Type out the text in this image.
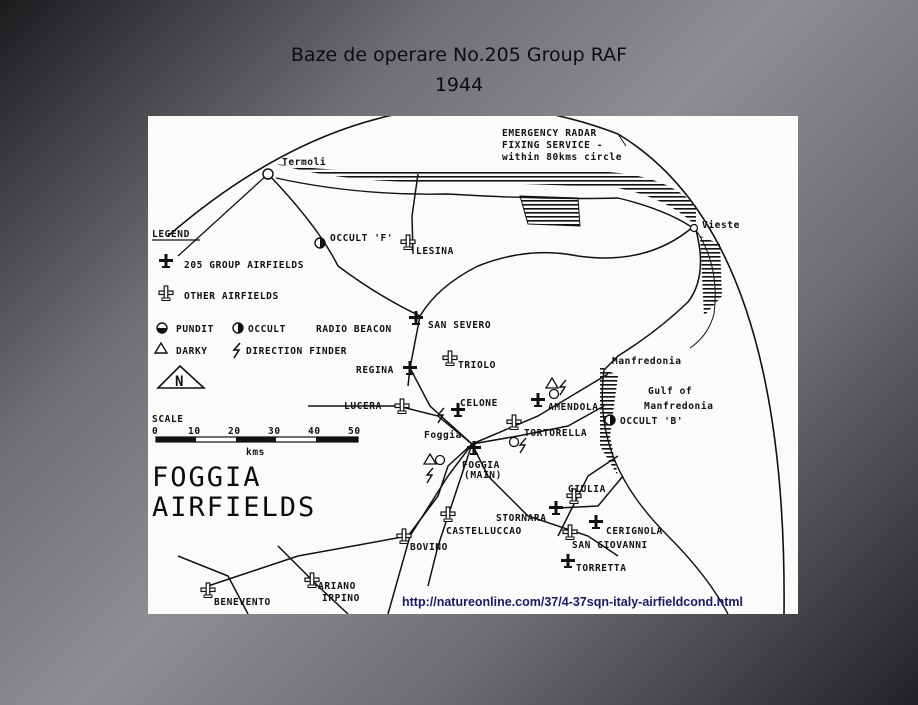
Baze de operare No.205 Group RAF
1944
EMERGENCY RADAR
FIXING SERVICE -
within 80kms circle
LEGEND
205 GROUP AIRFIELDS
OTHER AIRFIELDS
PUNDIT	OCCULT	RADIO BEACON
DARKY	DIRECTION FINDER
N
SCALE
0	10	20	30	40	50
kms
FOGGIA
AIRFIELDS
Termoli
OCCULT 'F'
LESINA
Vieste
SAN SEVERO
REGINA	TRIOLO	Manfredonia
Gulf of
Manfredonia
LUCERA	CELONE	AMENDOLA
OCCULT 'B'
Foggia
FOGGIA
(MAIN)
TORTORELLA
GIULIA
STORNARA
CERIGNOLA
CASTELLUCCAO
SAN GIOVANNI
BOVINO
TORRETTA
BENEVENTO
ARIANO
IRPINO	http://natureonline.com/37/4-37sqn-italy-airfieldcond.html
